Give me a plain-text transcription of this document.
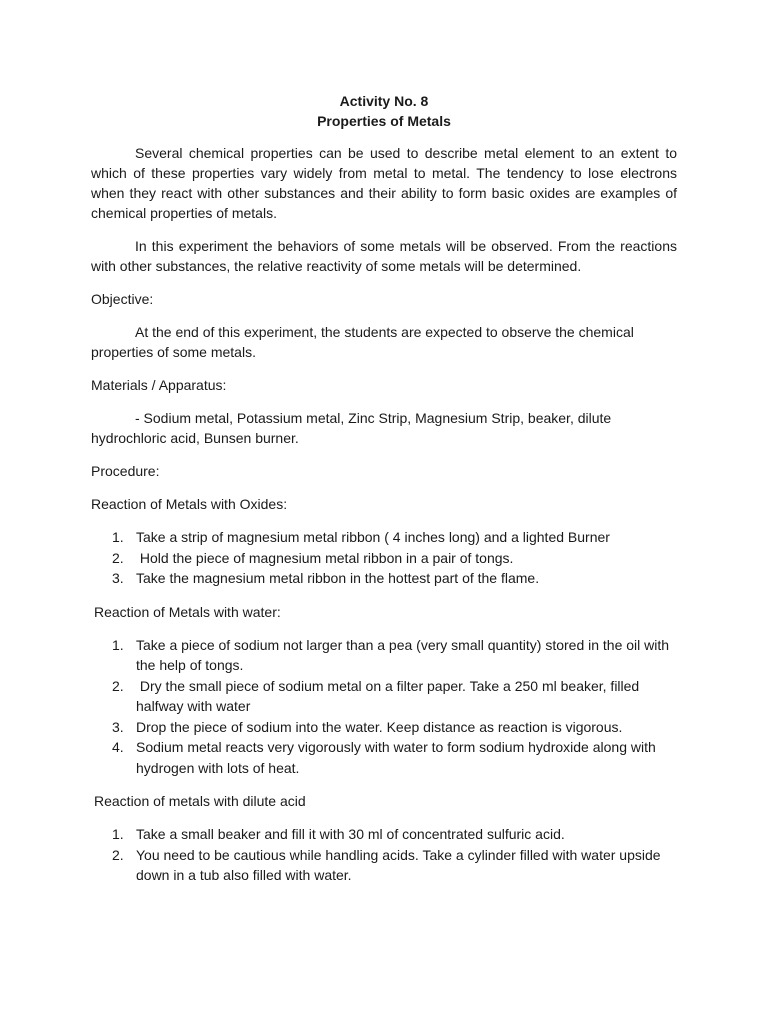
Activity No. 8

Properties of Metals

Several chemical properties can be used to describe metal element to an extent to which of these properties vary widely from metal to metal. The tendency to lose electrons when they react with other substances and their ability to form basic oxides are examples of chemical properties of metals.

In this experiment the behaviors of some metals will be observed. From the reactions with other substances, the relative reactivity of some metals will be determined.

Objective:

At the end of this experiment, the students are expected to observe the chemical properties of some metals.

Materials / Apparatus:

- Sodium metal, Potassium metal, Zinc Strip, Magnesium Strip, beaker, dilute hydrochloric acid, Bunsen burner.

Procedure:

Reaction of Metals with Oxides:

1. Take a strip of magnesium metal ribbon ( 4 inches long) and a lighted Burner
2. Hold the piece of magnesium metal ribbon in a pair of tongs.
3. Take the magnesium metal ribbon in the hottest part of the flame.

Reaction of Metals with water:

1. Take a piece of sodium not larger than a pea (very small quantity) stored in the oil with the help of tongs.
2. Dry the small piece of sodium metal on a filter paper. Take a 250 ml beaker, filled halfway with water
3. Drop the piece of sodium into the water. Keep distance as reaction is vigorous.
4. Sodium metal reacts very vigorously with water to form sodium hydroxide along with hydrogen with lots of heat.

Reaction of metals with dilute acid

1. Take a small beaker and fill it with 30 ml of concentrated sulfuric acid.
2. You need to be cautious while handling acids. Take a cylinder filled with water upside down in a tub also filled with water.
